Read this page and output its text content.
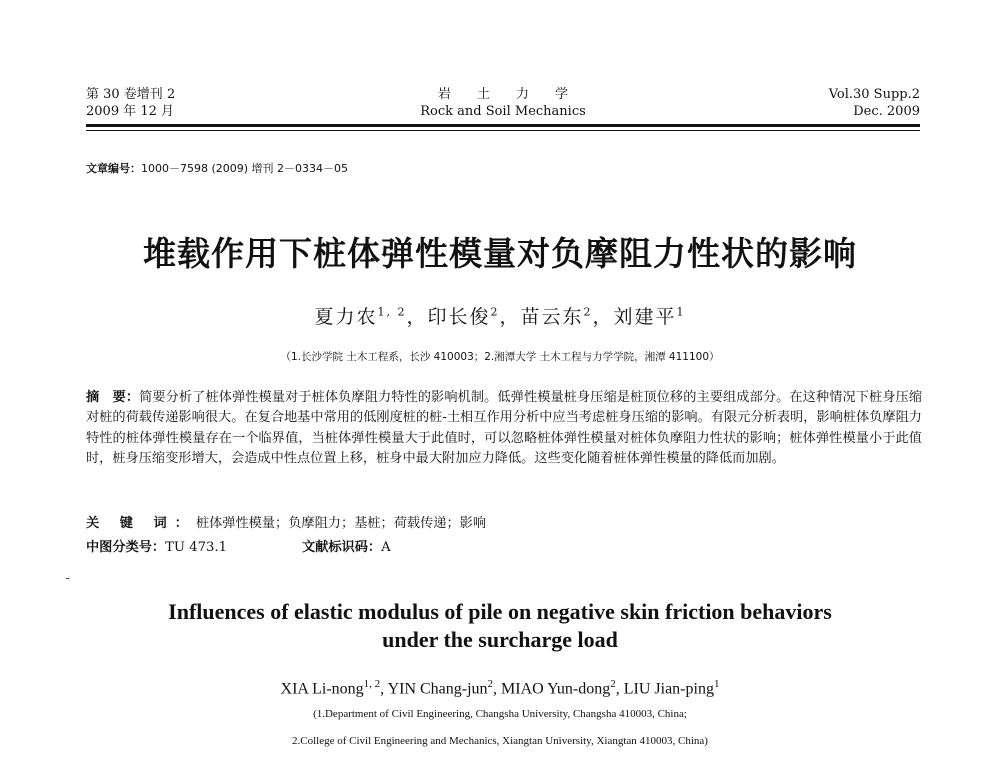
第 30 卷增刊 2
2009 年 12 月
岩土力学
Rock and Soil Mechanics
Vol.30 Supp.2
Dec. 2009
文章编号：1000－7598 (2009) 增刊 2－0334－05
堆载作用下桩体弹性模量对负摩阻力性状的影响
夏力农$^{1, 2}$，印长俊$^2$，苗云东$^2$，刘建平$^1$
（1.长沙学院 土木工程系，长沙 410003；2.湘潭大学 土木工程与力学学院，湘潭 411100）
摘　要：简要分析了桩体弹性模量对于桩体负摩阻力特性的影响机制。低弹性模量桩身压缩是桩顶位移的主要组成部分。在这种情况下桩身压缩对桩的荷载传递影响很大。在复合地基中常用的低刚度桩的桩-土相互作用分析中应当考虑桩身压缩的影响。有限元分析表明，影响桩体负摩阻力特性的桩体弹性模量存在一个临界值，当桩体弹性模量大于此值时，可以忽略桩体弹性模量对桩体负摩阻力性状的影响；桩体弹性模量小于此值时，桩身压缩变形增大，会造成中性点位置上移，桩身中最大附加应力降低。这些变化随着桩体弹性模量的降低而加剧。
关 键 词：桩体弹性模量；负摩阻力；基桩；荷载传递；影响
中图分类号：TU 473.1	文献标识码：A
Influences of elastic modulus of pile on negative skin friction behaviors
under the surcharge load
XIA Li-nong$^{1, 2}$, YIN Chang-jun$^2$, MIAO Yun-dong$^2$, LIU Jian-ping$^1$
(1.Department of Civil Engineering, Changsha University, Changsha 410003, China;
2.College of Civil Engineering and Mechanics, Xiangtan University, Xiangtan 410003, China)
